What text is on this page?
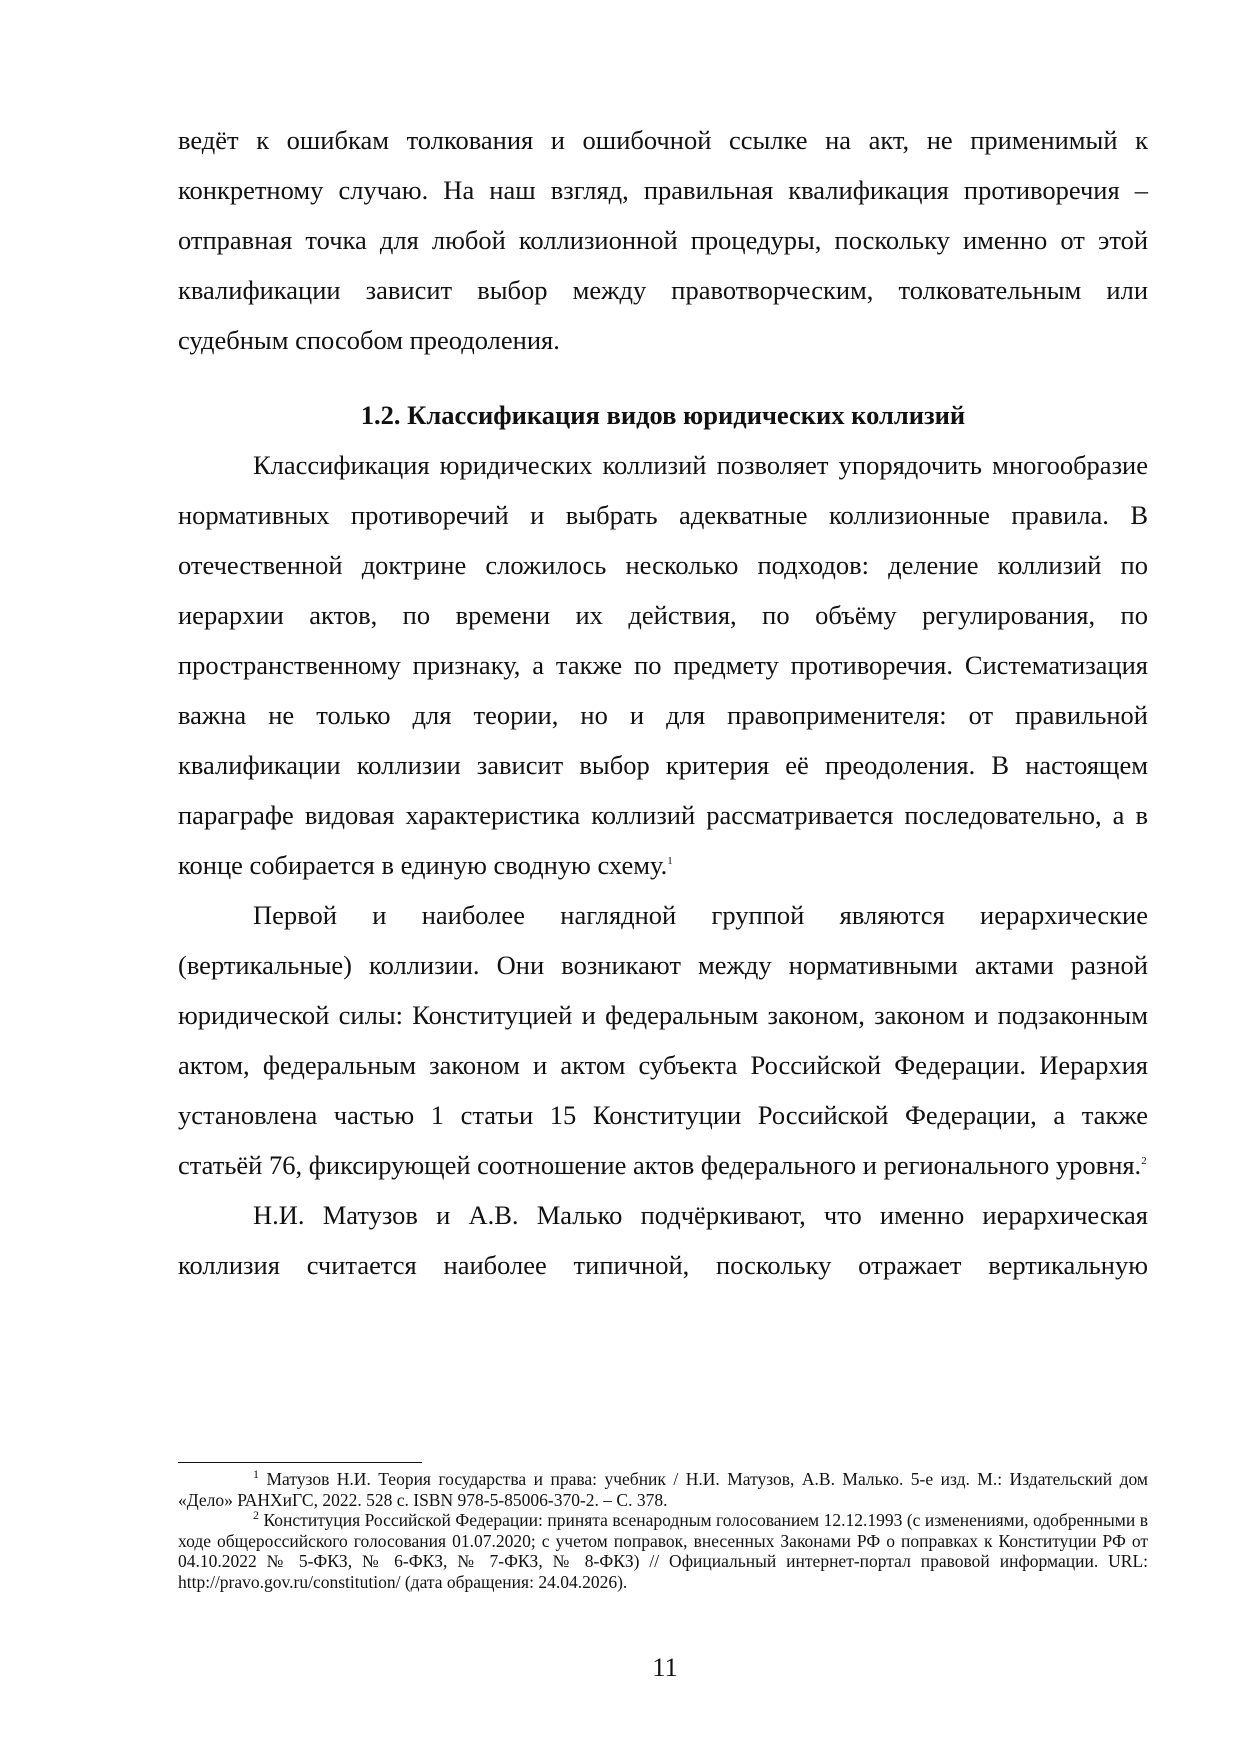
ведёт к ошибкам толкования и ошибочной ссылке на акт, не применимый к конкретному случаю. На наш взгляд, правильная квалификация противоречия – отправная точка для любой коллизионной процедуры, поскольку именно от этой квалификации зависит выбор между правотворческим, толковательным или судебным способом преодоления.

1.2. Классификация видов юридических коллизий

Классификация юридических коллизий позволяет упорядочить многообразие нормативных противоречий и выбрать адекватные коллизионные правила. В отечественной доктрине сложилось несколько подходов: деление коллизий по иерархии актов, по времени их действия, по объёму регулирования, по пространственному признаку, а также по предмету противоречия. Систематизация важна не только для теории, но и для правоприменителя: от правильной квалификации коллизии зависит выбор критерия её преодоления. В настоящем параграфе видовая характеристика коллизий рассматривается последовательно, а в конце собирается в единую сводную схему.$^1$

Первой и наиболее наглядной группой являются иерархические (вертикальные) коллизии. Они возникают между нормативными актами разной юридической силы: Конституцией и федеральным законом, законом и подзаконным актом, федеральным законом и актом субъекта Российской Федерации. Иерархия установлена частью 1 статьи 15 Конституции Российской Федерации, а также статьёй 76, фиксирующей соотношение актов федерального и регионального уровня.$^2$

Н.И. Матузов и А.В. Малько подчёркивают, что именно иерархическая коллизия считается наиболее типичной, поскольку отражает вертикальную

$^1$ Матузов Н.И. Теория государства и права: учебник / Н.И. Матузов, А.В. Малько. 5-е изд. М.: Издательский дом «Дело» РАНХиГС, 2022. 528 с. ISBN 978-5-85006-370-2. – С. 378.

$^2$ Конституция Российской Федерации: принята всенародным голосованием 12.12.1993 (с изменениями, одобренными в ходе общероссийского голосования 01.07.2020; с учетом поправок, внесенных Законами РФ о поправках к Конституции РФ от 04.10.2022 № 5-ФКЗ, № 6-ФКЗ, № 7-ФКЗ, № 8-ФКЗ) // Официальный интернет-портал правовой информации. URL: http://pravo.gov.ru/constitution/ (дата обращения: 24.04.2026).

11
